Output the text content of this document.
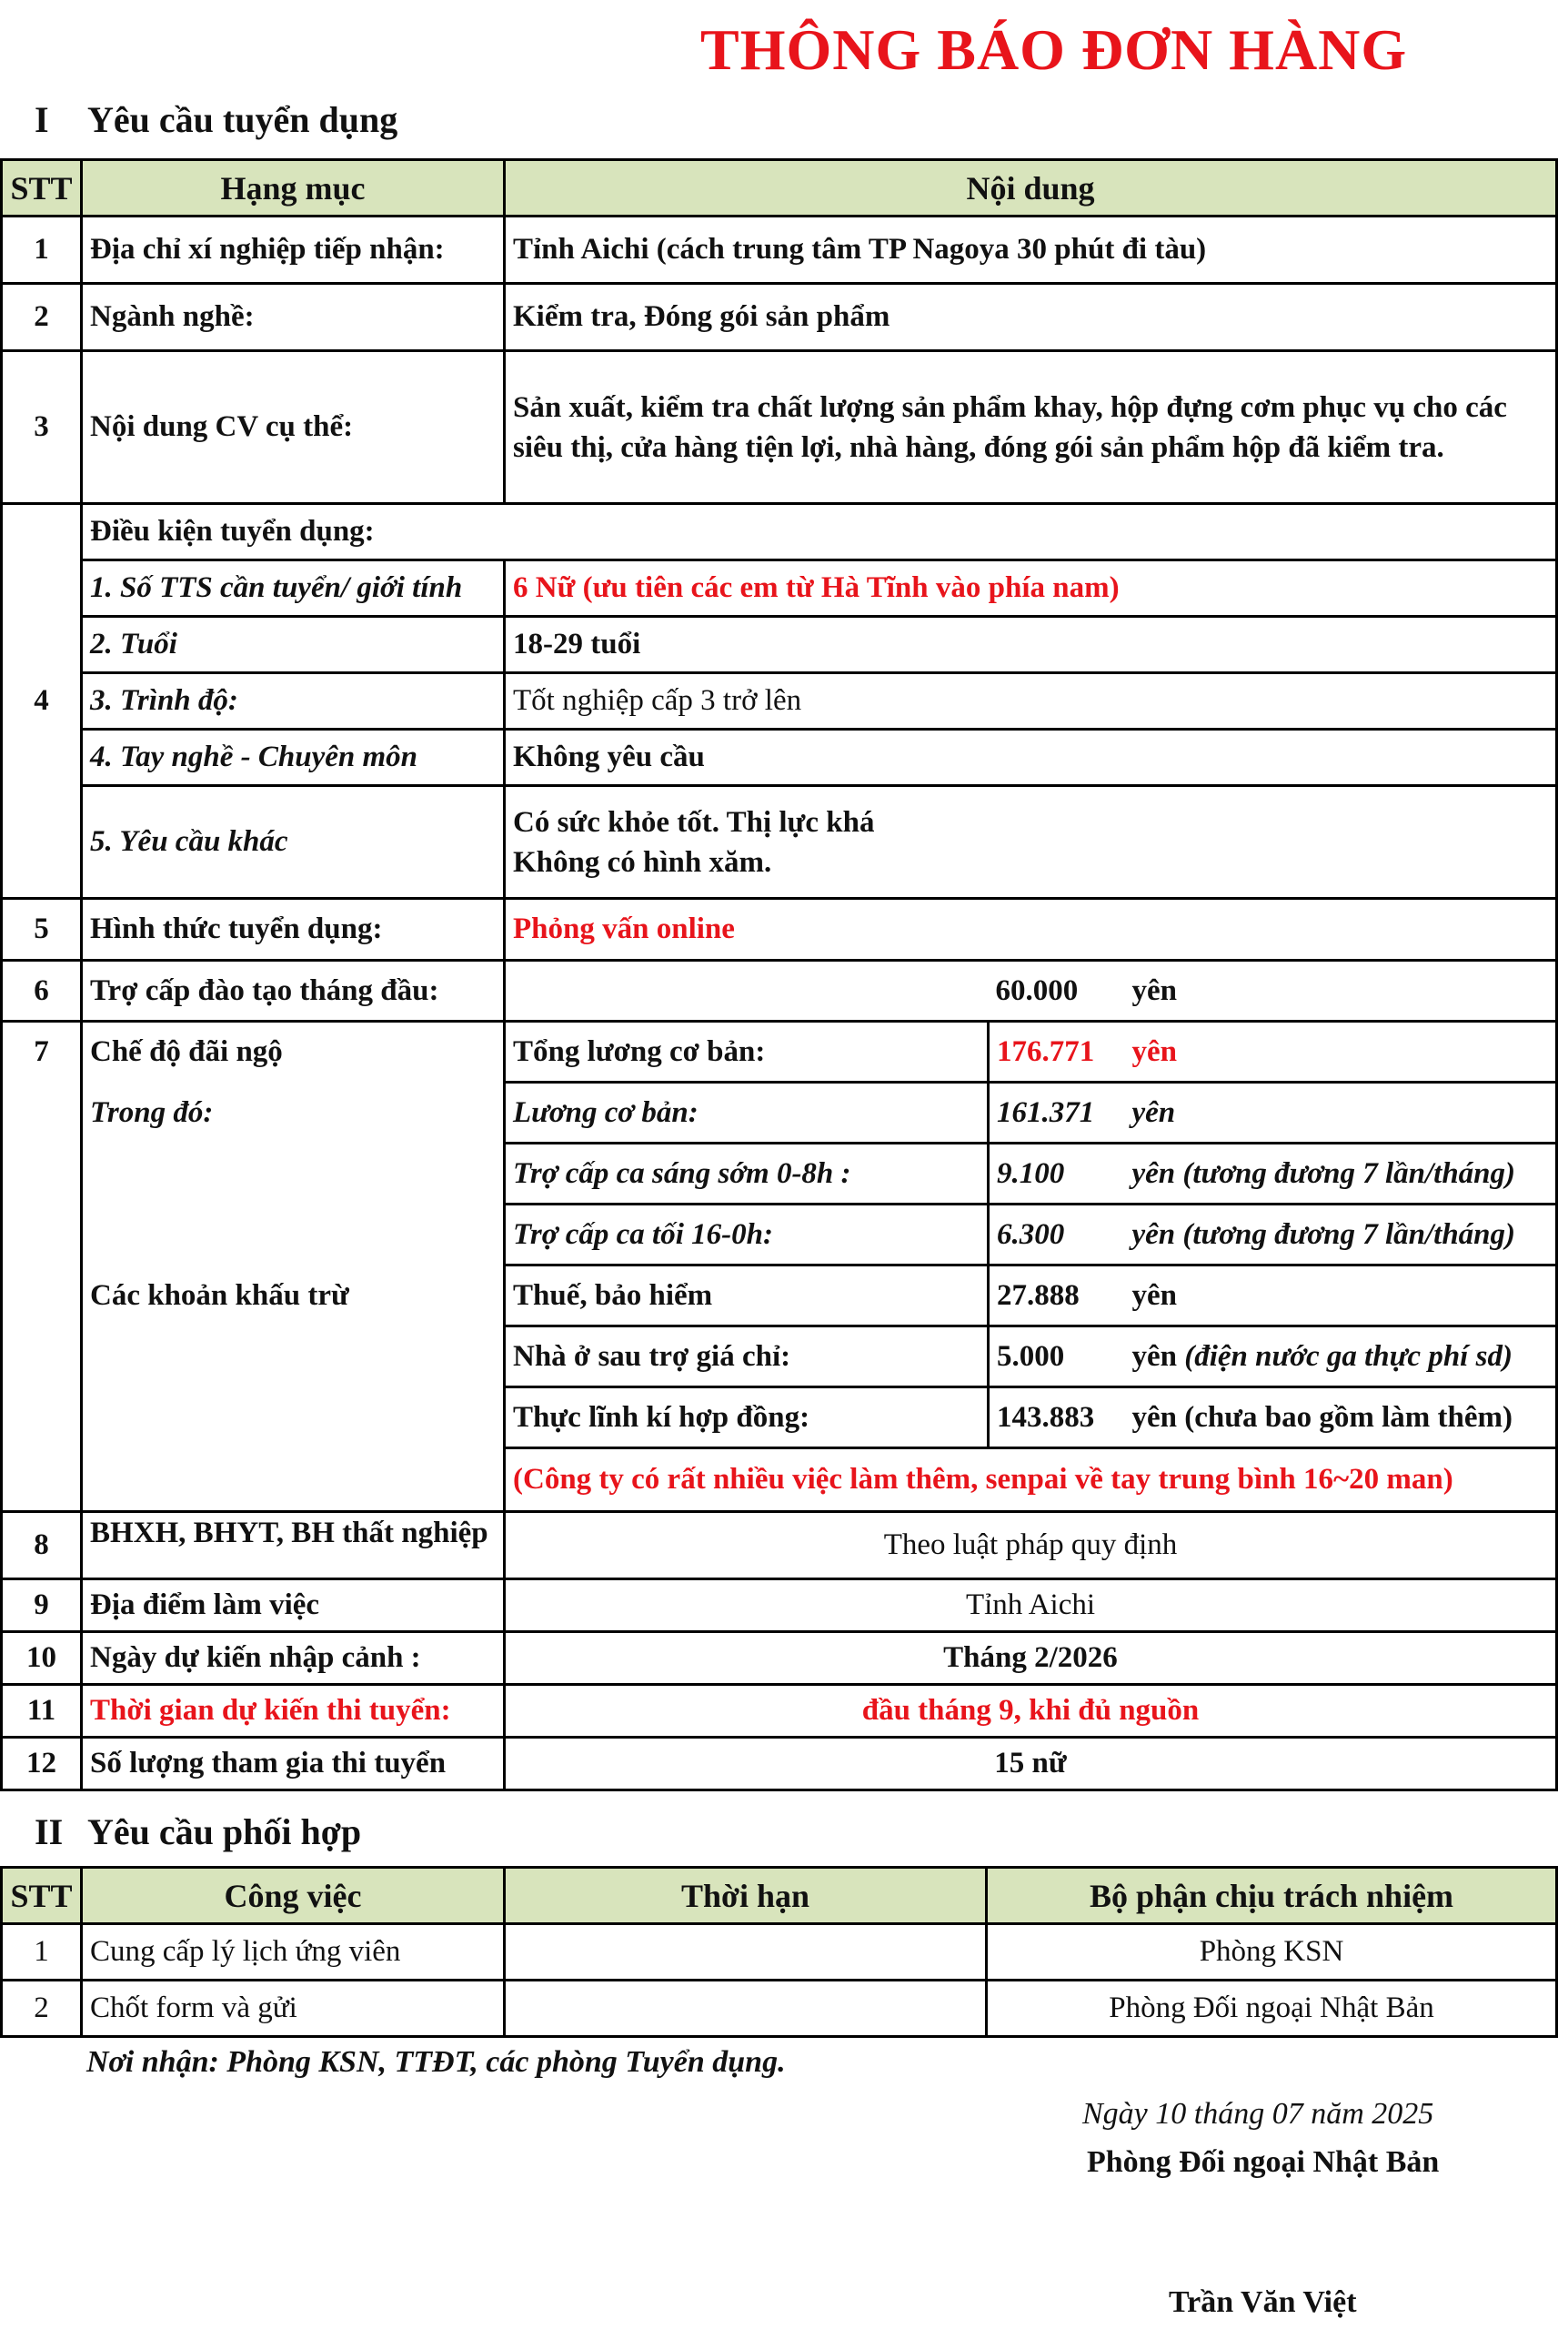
THÔNG BÁO ĐƠN HÀNG
I Yêu cầu tuyển dụng
STT	Hạng mục	Nội dung		
1	Địa chỉ xí nghiệp tiếp nhận:	Tỉnh Aichi (cách trung tâm TP Nagoya 30 phút đi tàu)		
2	Ngành nghề:	Kiểm tra, Đóng gói sản phẩm		
3	Nội dung CV cụ thể:	Sản xuất, kiểm tra chất lượng sản phẩm khay, hộp đựng cơm phục vụ cho các siêu thị, cửa hàng tiện lợi, nhà hàng, đóng gói sản phẩm hộp đã kiểm tra.		
4	Điều kiện tuyển dụng:			
	1. Số TTS cần tuyển/ giới tính	6 Nữ (ưu tiên các em từ Hà Tĩnh vào phía nam)		
	2. Tuổi	18-29 tuổi		
	3. Trình độ:	Tốt nghiệp cấp 3 trở lên		
	4. Tay nghề - Chuyên môn	Không yêu cầu		
	5. Yêu cầu khác	Có sức khỏe tốt. Thị lực khá
Không có hình xăm.		

5	Hình thức tuyển dụng:	Phỏng vấn online		
6	Trợ cấp đào tạo tháng đầu:		60.000	yên
7	Chế độ đãi ngộ	Tổng lương cơ bản:	176.771	yên
	Trong đó:	Lương cơ bản:	161.371	yên
		Trợ cấp ca sáng sớm 0-8h :	9.100	yên (tương đương 7 lần/tháng)
		Trợ cấp ca tối 16-0h:	6.300	yên (tương đương 7 lần/tháng)
	Các khoản khấu trừ	Thuế, bảo hiểm	27.888	yên
		Nhà ở sau trợ giá chỉ:	5.000	yên (điện nước ga thực phí sd)
		Thực lĩnh kí hợp đồng:	143.883	yên (chưa bao gồm làm thêm)
		(Công ty có rất nhiều việc làm thêm, senpai về tay trung bình 16~20 man)		
8	BHXH, BHYT, BH thất nghiệp	Theo luật pháp quy định		
9	Địa điểm làm việc	Tỉnh Aichi		
10	Ngày dự kiến nhập cảnh :	Tháng 2/2026		
11	Thời gian dự kiến thi tuyển:	đầu tháng 9, khi đủ nguồn		
12	Số lượng tham gia thi tuyển	15 nữ		
II Yêu cầu phối hợp
STT	Công việc	Thời hạn	Bộ phận chịu trách nhiệm
1	Cung cấp lý lịch ứng viên		Phòng KSN
2	Chốt form và gửi		Phòng Đối ngoại Nhật Bản
Nơi nhận: Phòng KSN, TTĐT, các phòng Tuyển dụng.
Ngày 10 tháng 07 năm 2025
Phòng Đối ngoại Nhật Bản
Trần Văn Việt
